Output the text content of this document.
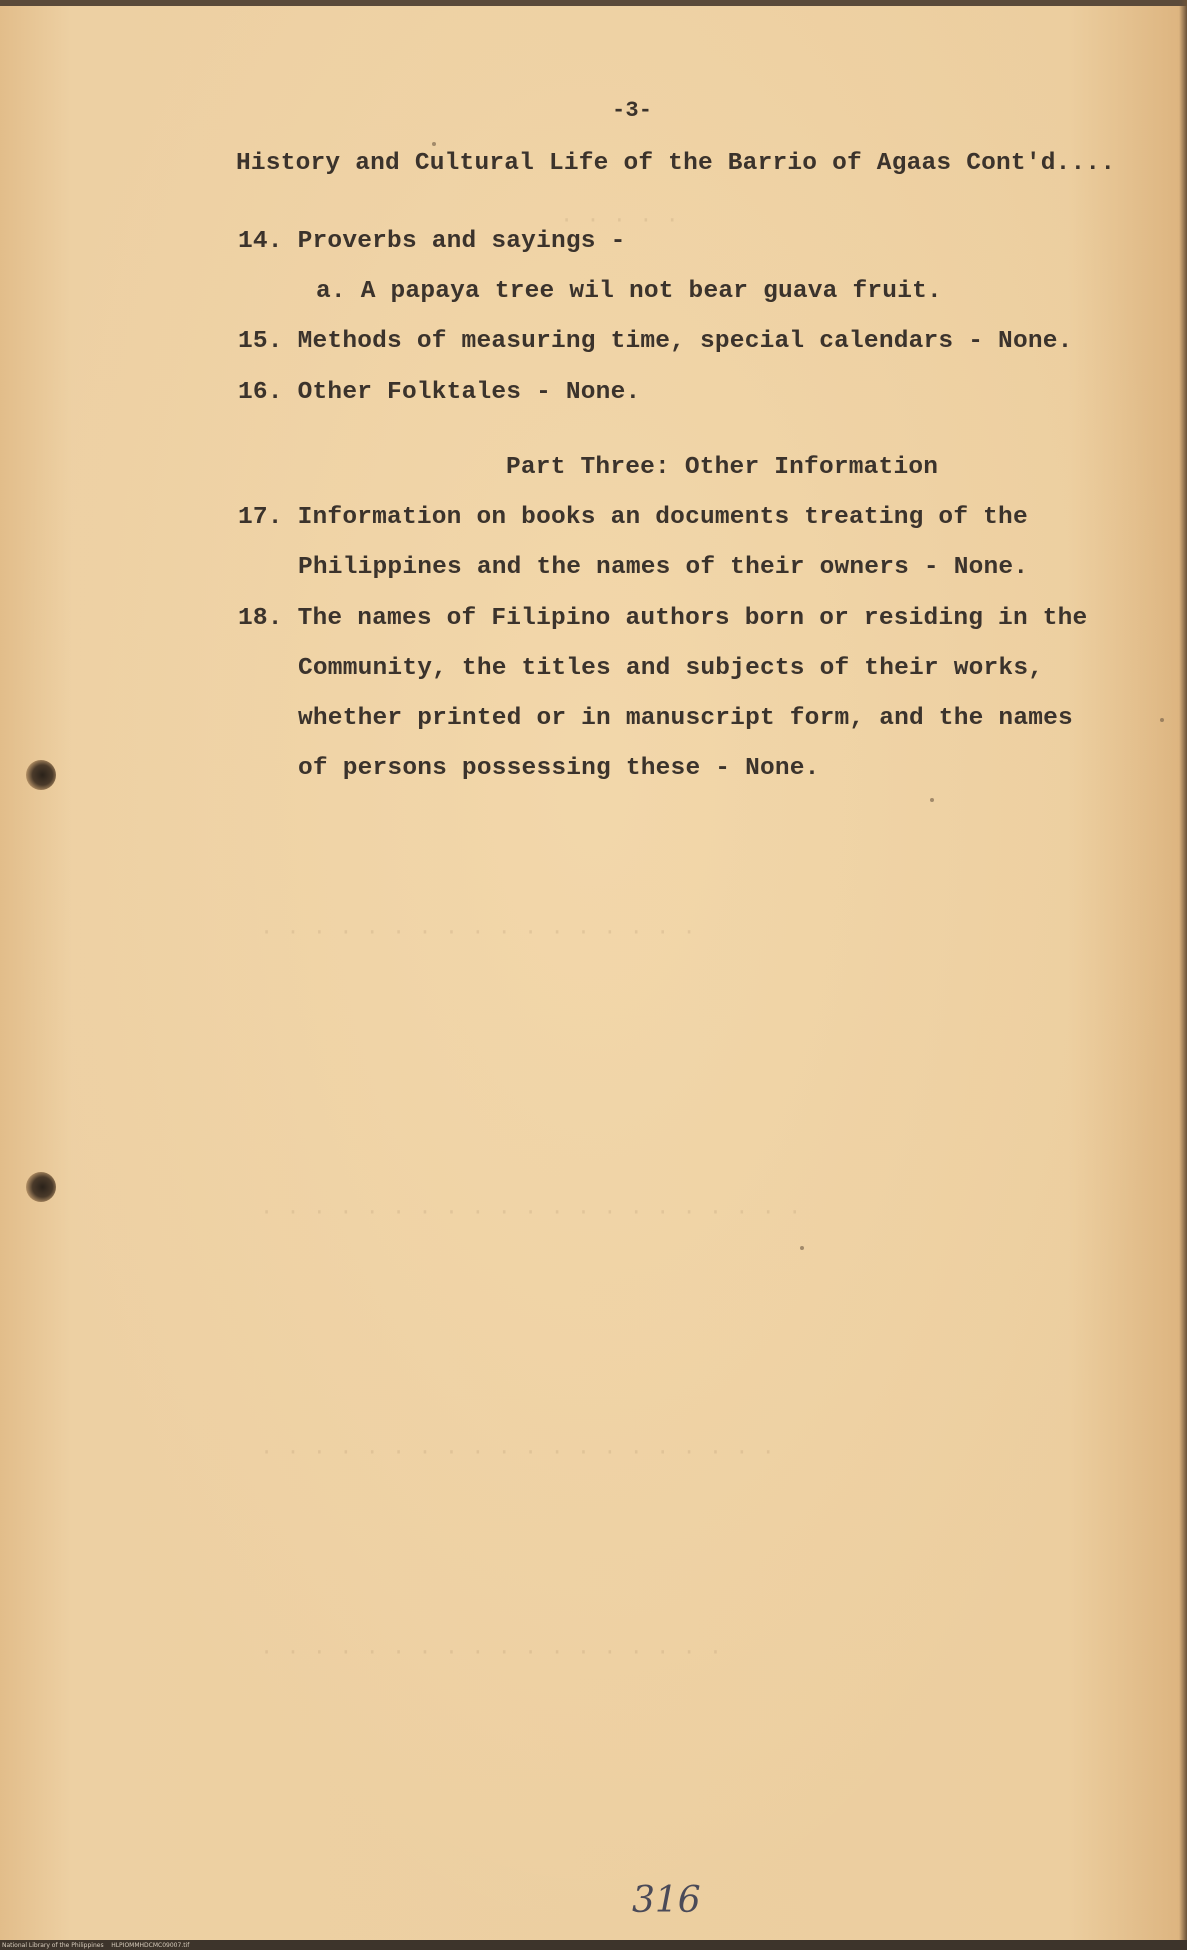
· · · · ·
· · · · · · · · · · · · · · · · ·
· · · · · · · · · · · · · · · · · · · · ·
· · · · · · · · · · · · · · · · · · · ·
· · · · · · · · · · · · · · · · · ·
-3-
History and Cultural Life of the Barrio of Agaas Cont'd....
14. Proverbs and sayings -
a. A papaya tree wil not bear guava fruit.
15. Methods of measuring time, special calendars - None.
16. Other Folktales - None.
Part Three: Other Information
17. Information on books an documents treating of the
Philippines and the names of their owners - None.
18. The names of Filipino authors born or residing in the
Community, the titles and subjects of their works,
whether printed or in manuscript form, and the names
of persons possessing these - None.
316
National Library of the Philippines    HLPIOMMHDCMC09007.tif
